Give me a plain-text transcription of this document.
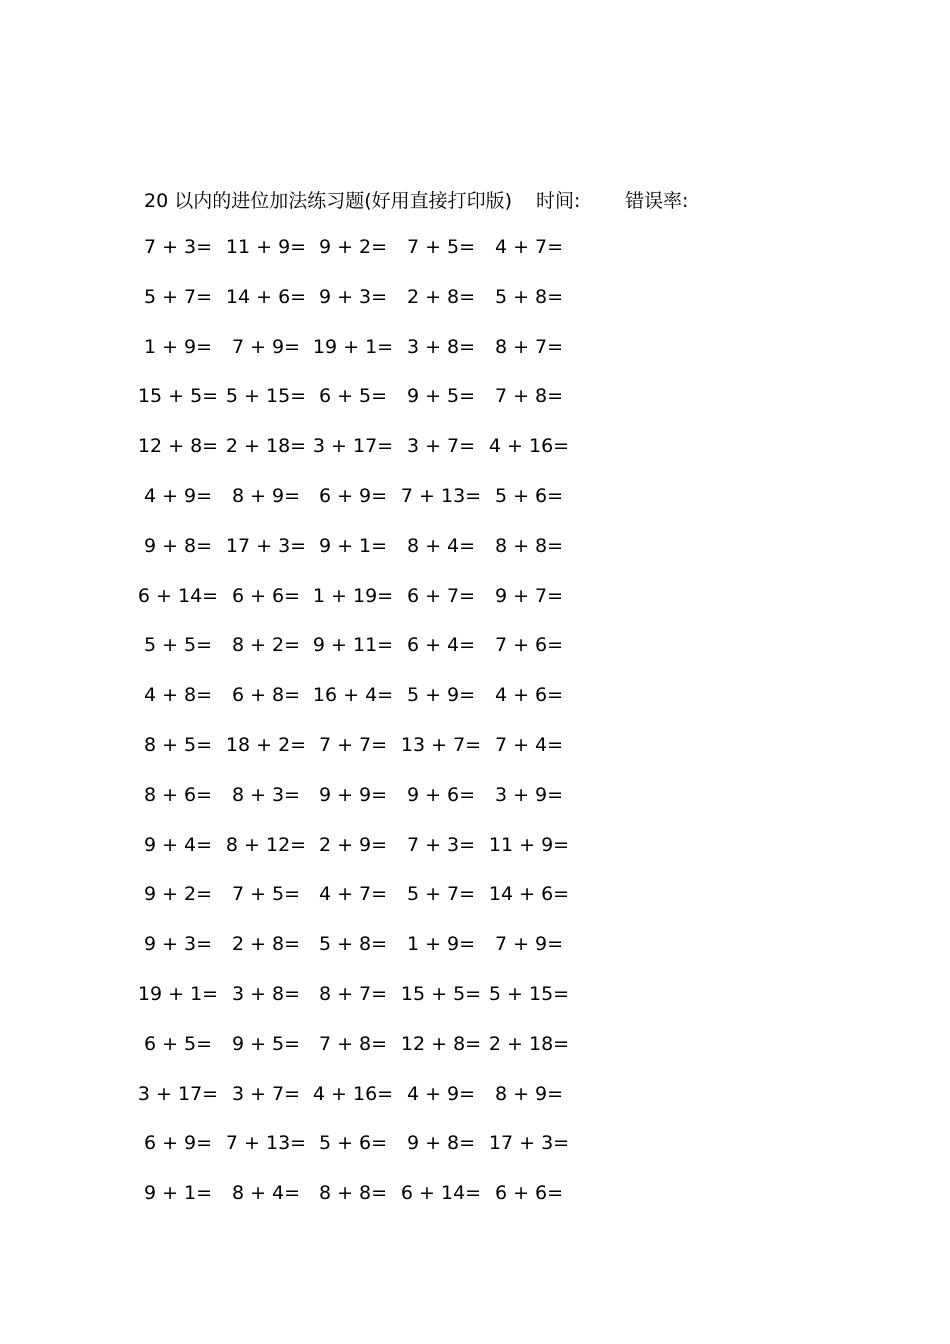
20 以内的进位加法练习题(好用直接打印版) 时间: 错误率:
7 + 3= 11 + 9= 9 + 2=	7 + 5=	4 + 7=
5 + 7= 14 + 6= 9 + 3=	2 + 8=	5 + 8=
1 + 9=	7 + 9= 19 + 1= 3 + 8=	8 + 7=
15 + 5= 5 + 15= 6 + 5=	9 + 5=	7 + 8=
12 + 8= 2 + 18= 3 + 17= 3 + 7= 4 + 16=
4 + 9=	8 + 9= 6 + 9= 7 + 13= 5 + 6=
9 + 8= 17 + 3= 9 + 1=	8 + 4=	8 + 8=
6 + 14= 6 + 6= 1 + 19= 6 + 7=	9 + 7=
5 + 5=	8 + 2= 9 + 11= 6 + 4=	7 + 6=
4 + 8=	6 + 8= 16 + 4= 5 + 9=	4 + 6=
8 + 5= 18 + 2= 7 + 7= 13 + 7= 7 + 4=
8 + 6=	8 + 3= 9 + 9=	9 + 6=	3 + 9=
9 + 4= 8 + 12= 2 + 9=	7 + 3= 11 + 9=
9 + 2=	7 + 5= 4 + 7=	5 + 7= 14 + 6=
9 + 3=	2 + 8= 5 + 8=	1 + 9=	7 + 9=
19 + 1= 3 + 8= 8 + 7= 15 + 5= 5 + 15=
6 + 5=	9 + 5= 7 + 8= 12 + 8= 2 + 18=
3 + 17= 3 + 7= 4 + 16= 4 + 9=	8 + 9=
6 + 9= 7 + 13= 5 + 6=	9 + 8= 17 + 3=
9 + 1=	8 + 4= 8 + 8= 6 + 14= 6 + 6=
